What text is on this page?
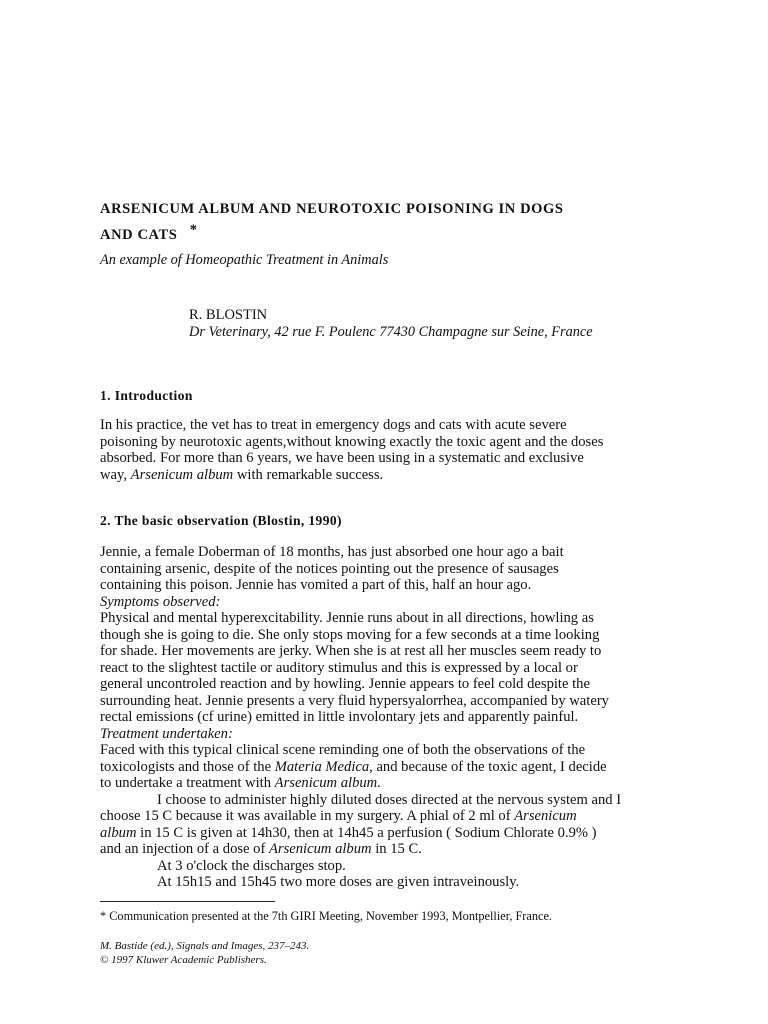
ARSENICUM ALBUM AND NEUROTOXIC POISONING IN DOGS
AND CATS *
An example of Homeopathic Treatment in Animals
R. BLOSTIN
Dr Veterinary, 42 rue F. Poulenc 77430 Champagne sur Seine, France
1. Introduction
In his practice, the vet has to treat in emergency dogs and cats with acute severe
poisoning by neurotoxic agents,without knowing exactly the toxic agent and the doses
absorbed. For more than 6 years, we have been using in a systematic and exclusive
way, Arsenicum album with remarkable success.
2. The basic observation (Blostin, 1990)
Jennie, a female Doberman of 18 months, has just absorbed one hour ago a bait
containing arsenic, despite of the notices pointing out the presence of sausages
containing this poison. Jennie has vomited a part of this, half an hour ago.
Symptoms observed:
Physical and mental hyperexcitability. Jennie runs about in all directions, howling as
though she is going to die. She only stops moving for a few seconds at a time looking
for shade. Her movements are jerky. When she is at rest all her muscles seem ready to
react to the slightest tactile or auditory stimulus and this is expressed by a local or
general uncontroled reaction and by howling. Jennie appears to feel cold despite the
surrounding heat. Jennie presents a very fluid hypersyalorrhea, accompanied by watery
rectal emissions (cf urine) emitted in little involontary jets and apparently painful.
Treatment undertaken:
Faced with this typical clinical scene reminding one of both the observations of the
toxicologists and those of the Materia Medica, and because of the toxic agent, I decide
to undertake a treatment with Arsenicum album.
I choose to administer highly diluted doses directed at the nervous system and I
choose 15 C because it was available in my surgery. A phial of 2 ml of Arsenicum
album in 15 C is given at 14h30, then at 14h45 a perfusion ( Sodium Chlorate 0.9% )
and an injection of a dose of Arsenicum album in 15 C.
At 3 o'clock the discharges stop.
At 15h15 and 15h45 two more doses are given intraveinously.
* Communication presented at the 7th GIRI Meeting, November 1993, Montpellier, France.
M. Bastide (ed.), Signals and Images, 237–243.
© 1997 Kluwer Academic Publishers.
